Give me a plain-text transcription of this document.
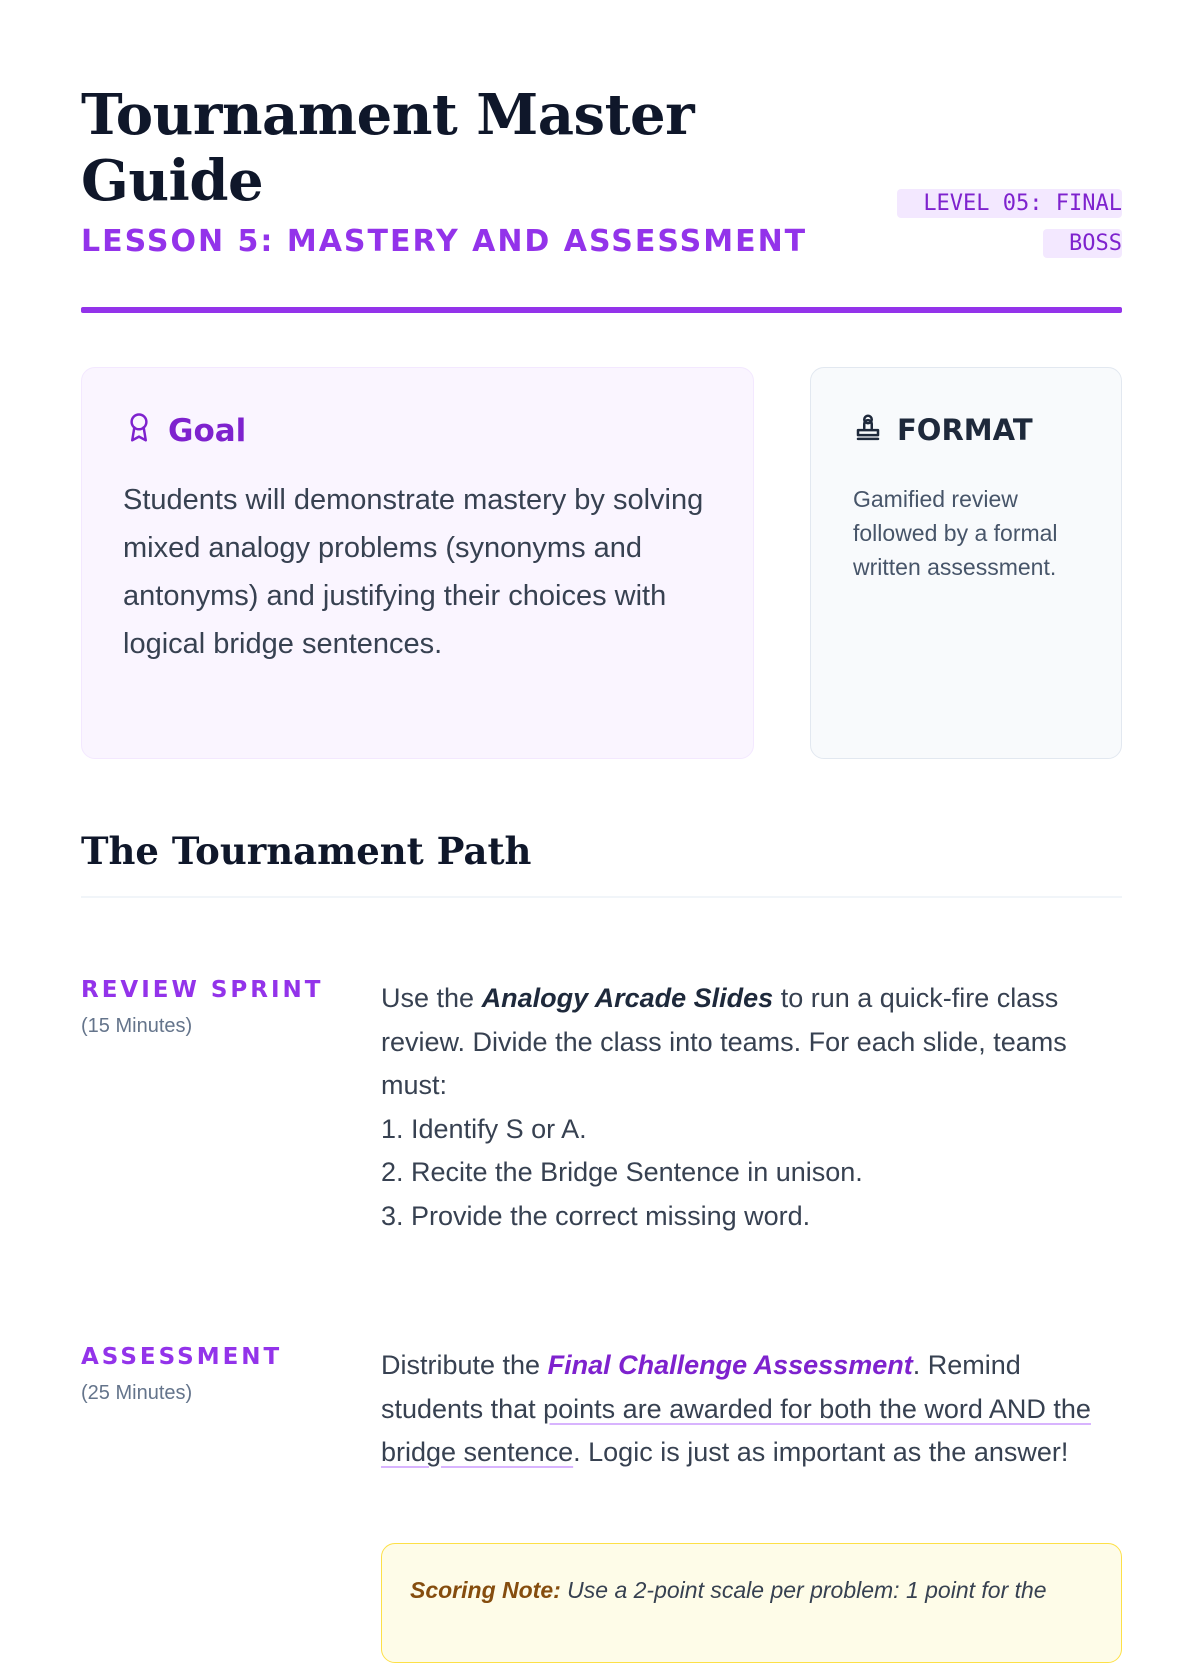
Tournament Master Guide
LESSON 5: MASTERY AND ASSESSMENT
LEVEL 05: FINAL BOSS
Goal

Students will demonstrate mastery by solving mixed analogy problems (synonyms and antonyms) and justifying their choices with logical bridge sentences.

FORMAT

Gamified review followed by a formal written assessment.

The Tournament Path
REVIEW SPRINT
(15 Minutes)

Use the Analogy Arcade Slides to run a quick-fire class review. Divide the class into teams. For each slide, teams must:

1. Identify S or A.
2. Recite the Bridge Sentence in unison.
3. Provide the correct missing word.
ASSESSMENT
(25 Minutes)

Distribute the Final Challenge Assessment. Remind students that points are awarded for both the word AND the bridge sentence. Logic is just as important as the answer!

Scoring Note: Use a 2-point scale per problem: 1 point for the
